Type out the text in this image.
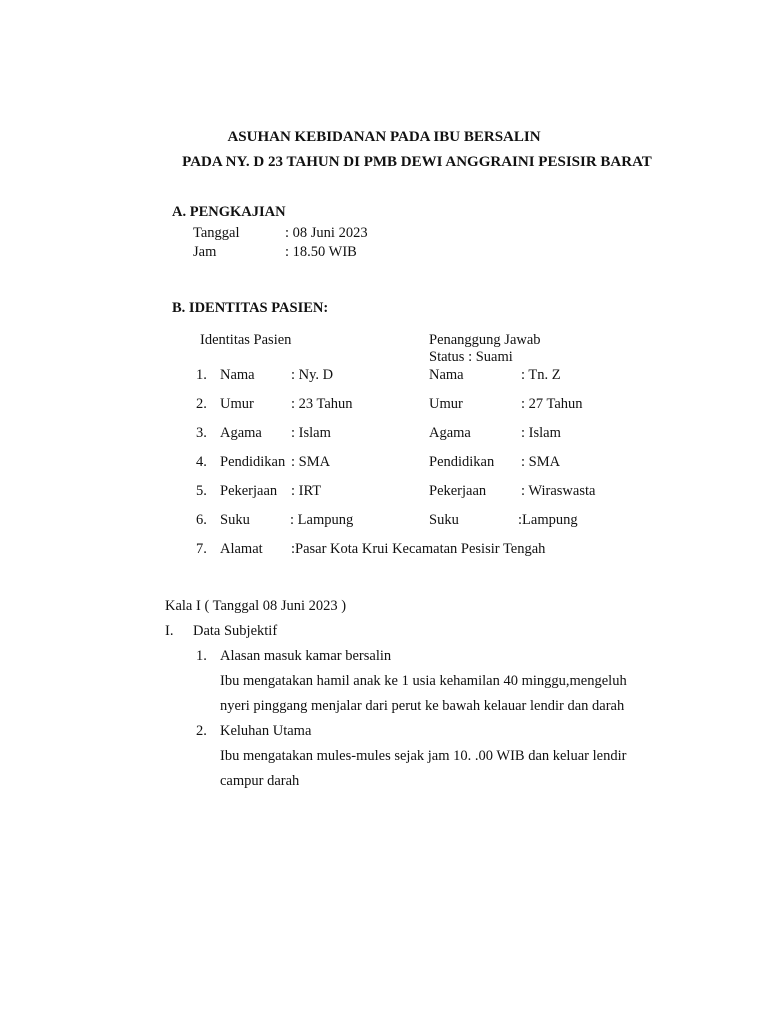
ASUHAN KEBIDANAN PADA IBU BERSALIN
PADA NY. D 23 TAHUN DI PMB DEWI ANGGRAINI PESISIR BARAT
A. PENGKAJIAN
Tanggal	: 08 Juni 2023
Jam	: 18.50 WIB
B. IDENTITAS PASIEN:
Identitas Pasien	Penanggung Jawab
Status : Suami
1. Nama	: Ny. D	Nama	: Tn. Z
2. Umur	: 23 Tahun	Umur	: 27 Tahun
3. Agama : Islam	Agama	: Islam
4. Pendidikan : SMA	Pendidikan : SMA
5. Pekerjaan : IRT	Pekerjaan : Wiraswasta
6. Suku	: Lampung	Suku	:Lampung
7. Alamat :Pasar Kota Krui Kecamatan Pesisir Tengah
Kala I ( Tanggal 08 Juni 2023 )
I. Data Subjektif
1. Alasan masuk kamar bersalin
Ibu mengatakan hamil anak ke 1 usia kehamilan 40 minggu,mengeluh
nyeri pinggang menjalar dari perut ke bawah kelauar lendir dan darah
2. Keluhan Utama
Ibu mengatakan mules-mules sejak jam 10. .00 WIB dan keluar lendir
campur darah
